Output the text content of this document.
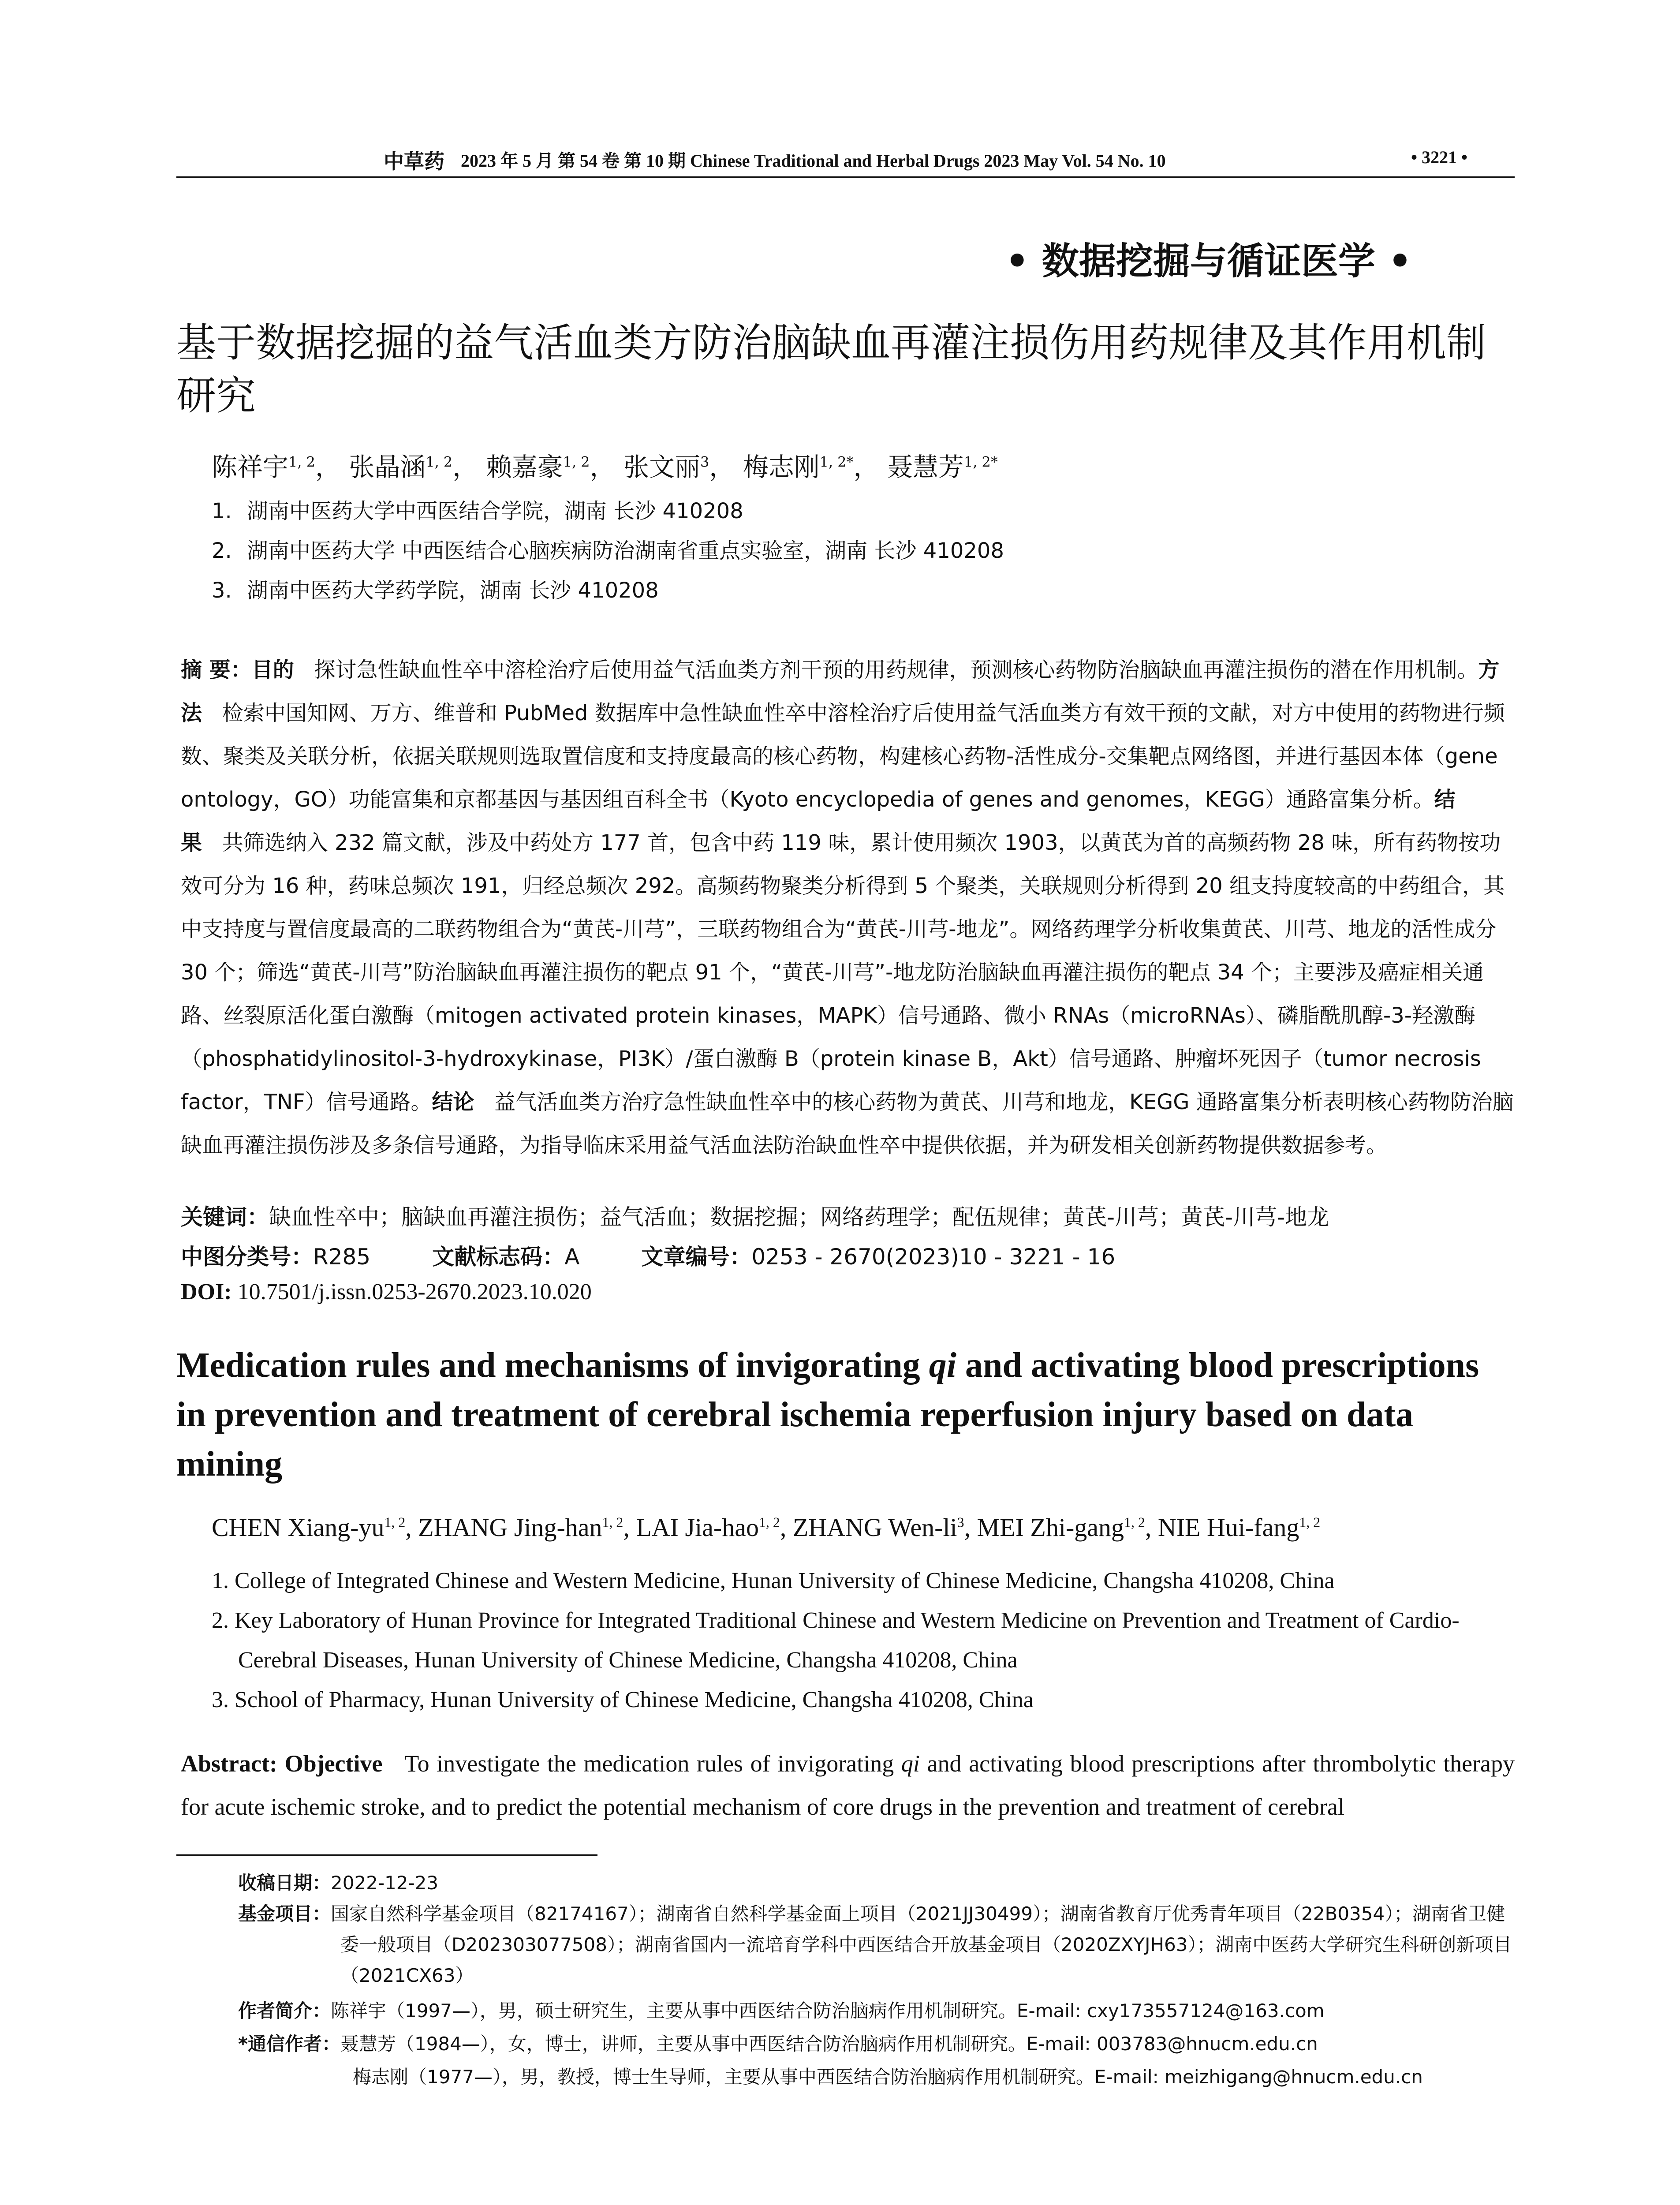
中草药 2023 年 5 月 第 54 卷 第 10 期 Chinese Traditional and Herbal Drugs 2023 May Vol. 54 No. 10	• 3221 •
• 数据挖掘与循证医学 •
基于数据挖掘的益气活血类方防治脑缺血再灌注损伤用药规律及其作用机制研究
陈祥宇$^{1, 2}$， 张晶涵$^{1, 2}$， 赖嘉豪$^{1, 2}$， 张文丽$^3$， 梅志刚$^{1, 2*}$， 聂慧芳$^{1, 2*}$
1. 湖南中医药大学中西医结合学院，湖南 长沙 410208
2. 湖南中医药大学 中西医结合心脑疾病防治湖南省重点实验室，湖南 长沙 410208
3. 湖南中医药大学药学院，湖南 长沙 410208
摘 要：目的 探讨急性缺血性卒中溶栓治疗后使用益气活血类方剂干预的用药规律，预测核心药物防治脑缺血再灌注损伤的潜在作用机制。方法 检索中国知网、万方、维普和 PubMed 数据库中急性缺血性卒中溶栓治疗后使用益气活血类方有效干预的文献，对方中使用的药物进行频数、聚类及关联分析，依据关联规则选取置信度和支持度最高的核心药物，构建核心药物-活性成分-交集靶点网络图，并进行基因本体（gene ontology，GO）功能富集和京都基因与基因组百科全书（Kyoto encyclopedia of genes and genomes，KEGG）通路富集分析。结果 共筛选纳入 232 篇文献，涉及中药处方 177 首，包含中药 119 味，累计使用频次 1903，以黄芪为首的高频药物 28 味，所有药物按功效可分为 16 种，药味总频次 191，归经总频次 292。高频药物聚类分析得到 5 个聚类，关联规则分析得到 20 组支持度较高的中药组合，其中支持度与置信度最高的二联药物组合为“黄芪-川芎”，三联药物组合为“黄芪-川芎-地龙”。网络药理学分析收集黄芪、川芎、地龙的活性成分 30 个；筛选“黄芪-川芎”防治脑缺血再灌注损伤的靶点 91 个，“黄芪-川芎”-地龙防治脑缺血再灌注损伤的靶点 34 个；主要涉及癌症相关通路、丝裂原活化蛋白激酶（mitogen activated protein kinases，MAPK）信号通路、微小 RNAs（microRNAs）、磷脂酰肌醇-3-羟激酶（phosphatidylinositol-3-hydroxykinase，PI3K）/蛋白激酶 B（protein kinase B，Akt）信号通路、肿瘤坏死因子（tumor necrosis factor，TNF）信号通路。结论 益气活血类方治疗急性缺血性卒中的核心药物为黄芪、川芎和地龙，KEGG 通路富集分析表明核心药物防治脑缺血再灌注损伤涉及多条信号通路，为指导临床采用益气活血法防治缺血性卒中提供依据，并为研发相关创新药物提供数据参考。
关键词：缺血性卒中；脑缺血再灌注损伤；益气活血；数据挖掘；网络药理学；配伍规律；黄芪-川芎；黄芪-川芎-地龙
中图分类号：R285	文献标志码：A	文章编号：0253 - 2670(2023)10 - 3221 - 16
DOI: 10.7501/j.issn.0253-2670.2023.10.020
Medication rules and mechanisms of invigorating qi and activating blood prescriptions in prevention and treatment of cerebral ischemia reperfusion injury based on data mining
CHEN Xiang-yu$^{1, 2}$, ZHANG Jing-han$^{1, 2}$, LAI Jia-hao$^{1, 2}$, ZHANG Wen-$li^3$, MEI Zhi-gang$^{1, 2}$, NIE Hui-fang$^{1, 2}$
1. College of Integrated Chinese and Western Medicine, Hunan University of Chinese Medicine, Changsha 410208, China
2. Key Laboratory of Hunan Province for Integrated Traditional Chinese and Western Medicine on Prevention and Treatment of Cardio-Cerebral Diseases, Hunan University of Chinese Medicine, Changsha 410208, China
3. School of Pharmacy, Hunan University of Chinese Medicine, Changsha 410208, China
Abstract: Objective To investigate the medication rules of invigorating qi and activating blood prescriptions after thrombolytic therapy for acute ischemic stroke, and to predict the potential mechanism of core drugs in the prevention and treatment of cerebral
收稿日期：2022-12-23
基金项目：国家自然科学基金项目（82174167）；湖南省自然科学基金面上项目（2021JJ30499）；湖南省教育厅优秀青年项目（22B0354）；湖南省卫健委一般项目（D202303077508）；湖南省国内一流培育学科中西医结合开放基金项目（2020ZXYJH63）；湖南中医药大学研究生科研创新项目（2021CX63）
作者简介：陈祥宇（1997—），男，硕士研究生，主要从事中西医结合防治脑病作用机制研究。E-mail: cxy173557124@163.com
*通信作者：聂慧芳（1984—），女，博士，讲师，主要从事中西医结合防治脑病作用机制研究。E-mail: 003783@hnucm.edu.cn
梅志刚（1977—），男，教授，博士生导师，主要从事中西医结合防治脑病作用机制研究。E-mail: meizhigang@hnucm.edu.cn
